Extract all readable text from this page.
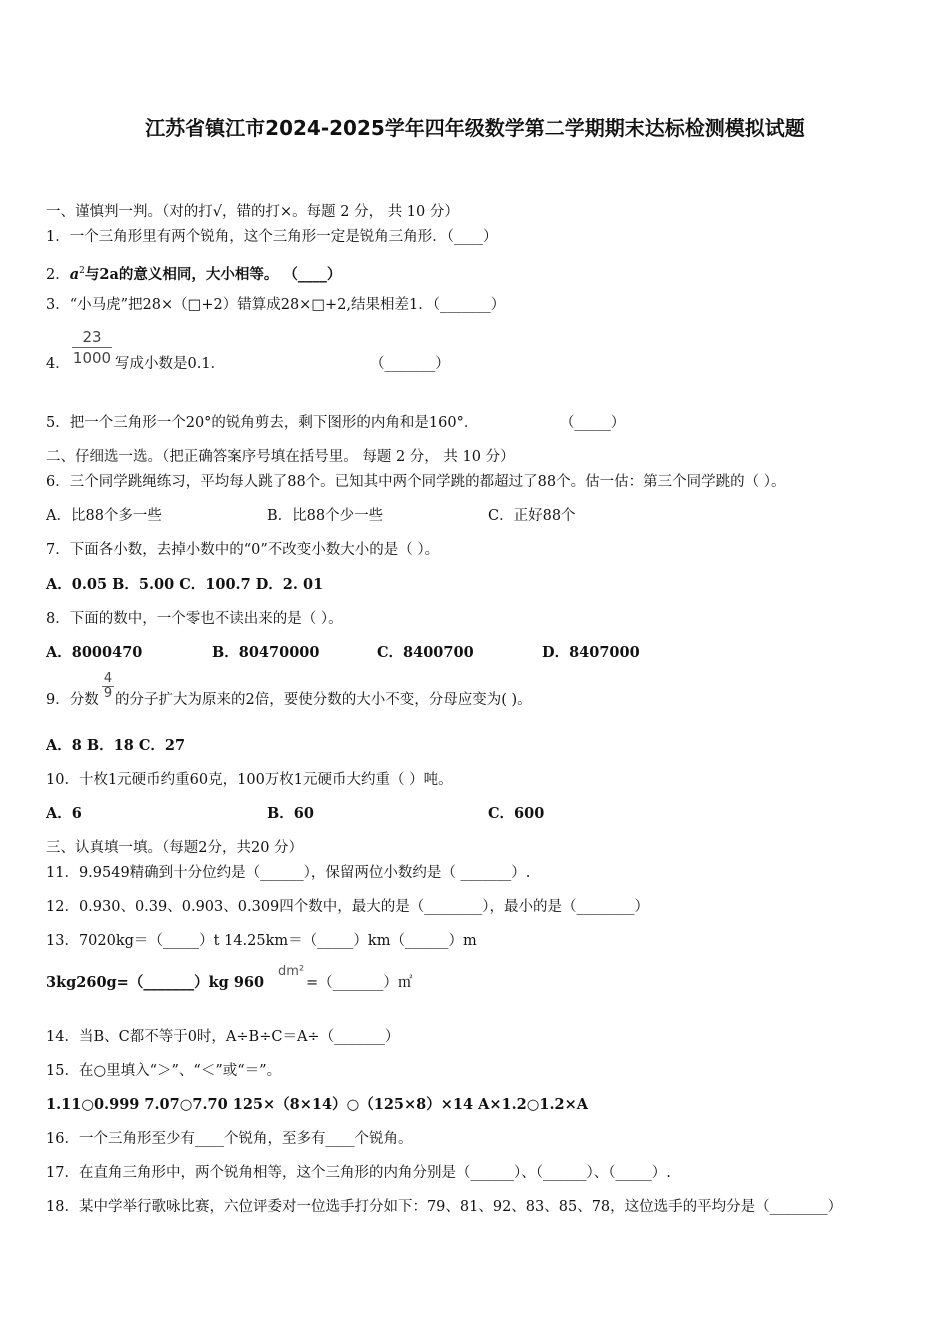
江苏省镇江市2024-2025学年四年级数学第二学期期末达标检测模拟试题
一、谨慎判一判。（对的打√，错的打×。每题 2 分， 共 10 分）
1．一个三角形里有两个锐角，这个三角形一定是锐角三角形．（____）
2．$a^2$与2a的意义相同，大小相等。 （____）
3．“小马虎”把28×（□+2）错算成28×□+2,结果相差1．（_______）
23
1000
4．	写成小数是0.1．	（_______）
5．把一个三角形一个20°的锐角剪去，剩下图形的内角和是160°．	（_____）
二、仔细选一选。（把正确答案序号填在括号里。 每题 2 分， 共 10 分）
6．三个同学跳绳练习，平均每人跳了88个。已知其中两个同学跳的都超过了88个。估一估：第三个同学跳的（ ）。
A．比88个多一些	B．比88个少一些	C．正好88个
7．下面各小数，去掉小数中的“0”不改变小数大小的是（ ）。
A．0.05 B．5.00 C．100.7 D．2. 01
8．下面的数中，一个零也不读出来的是（ ）。
A．8000470	B．80470000	C．8400700	D．8407000
9．分数
4
9 的分子扩大为原来的2倍，要使分数的大小不变，分母应变为( )。
A．8 B．18 C．27
10．十枚1元硬币约重60克，100万枚1元硬币大约重（ ）吨。
A．6	B．60	C．600
三、认真填一填。（每题2分，共20 分）
11．9.9549精确到十分位约是（______），保留两位小数约是（ _______）.
12．0.930、0.39、0.903、0.309四个数中，最大的是（________），最小的是（________）
13．7020kg＝（_____）t 14.25km＝（_____）km（______）m
3kg260g=（_______）kg 960
dm²
=（_______）㎡
14．当B、C都不等于0时，A÷B÷C＝A÷（_______）
15．在○里填入“＞”、“＜”或“＝”。
1.11○0.999 7.07○7.70 125×（8×14）○（125×8）×14 A×1.2○1.2×A
16．一个三角形至少有____个锐角，至多有____个锐角。
17．在直角三角形中，两个锐角相等，这个三角形的内角分别是（______）、（______）、（_____）.
18．某中学举行歌咏比赛，六位评委对一位选手打分如下：79、81、92、83、85、78，这位选手的平均分是（________）
